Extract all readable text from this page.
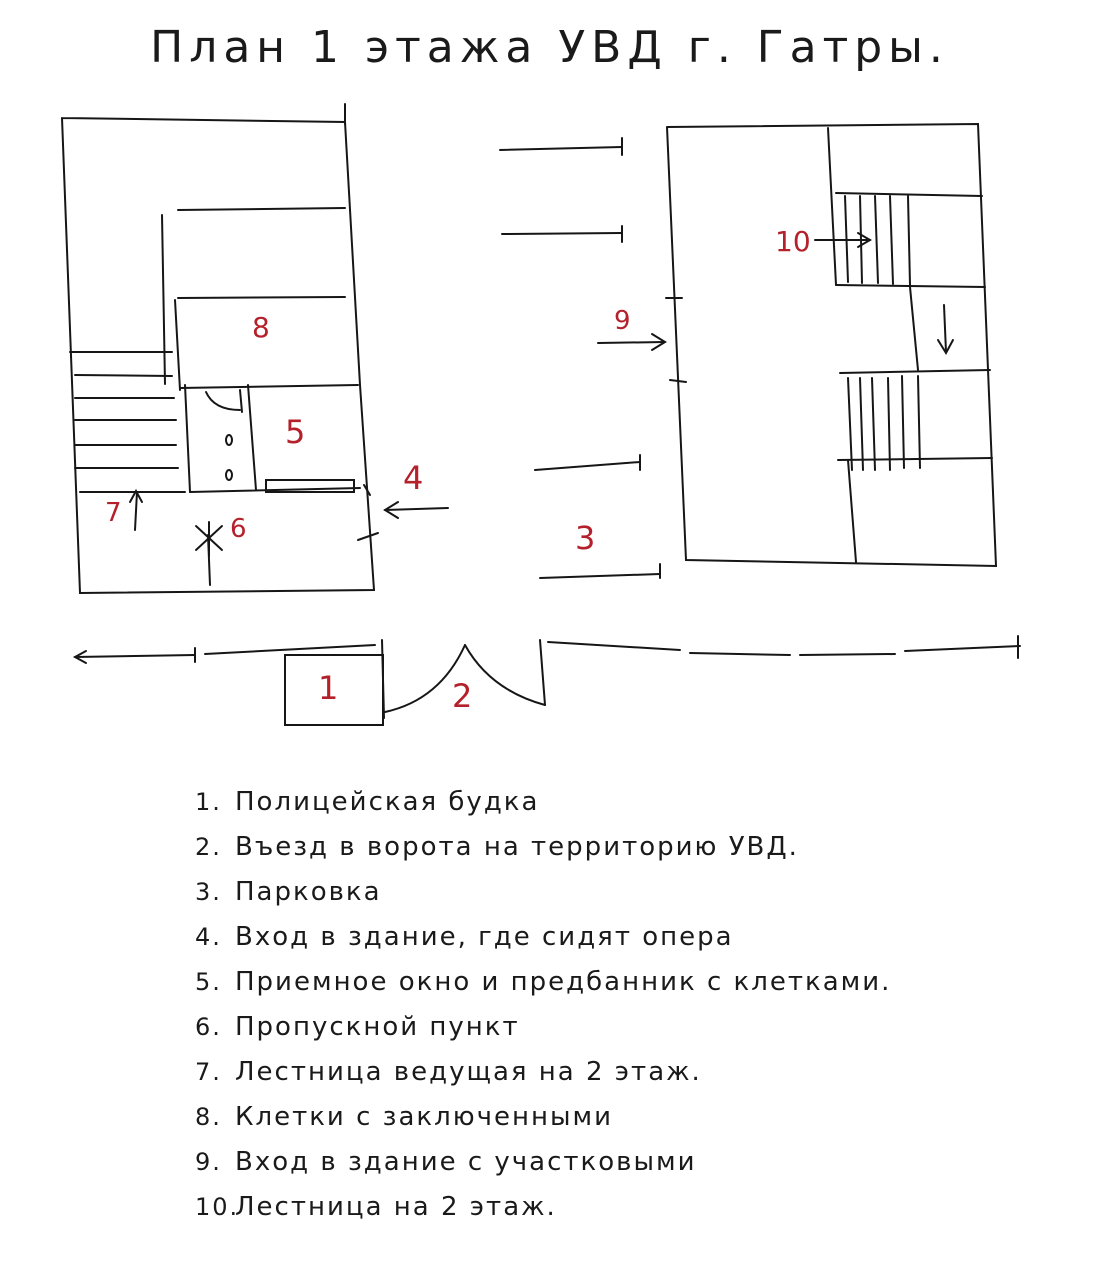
План 1 этажа УВД г. Гатры.
1	2
3
4
5
6
7
8	9
10
1. Полицейская будка
2. Въезд в ворота на территорию УВД.
3. Парковка
4. Вход в здание, где сидят опера
5. Приемное окно и предбанник с клетками.
6. Пропускной пункт
7. Лестница ведущая на 2 этаж.
8. Клетки с заключенными
9. Вход в здание с участковыми
10.Лестница на 2 этаж.
